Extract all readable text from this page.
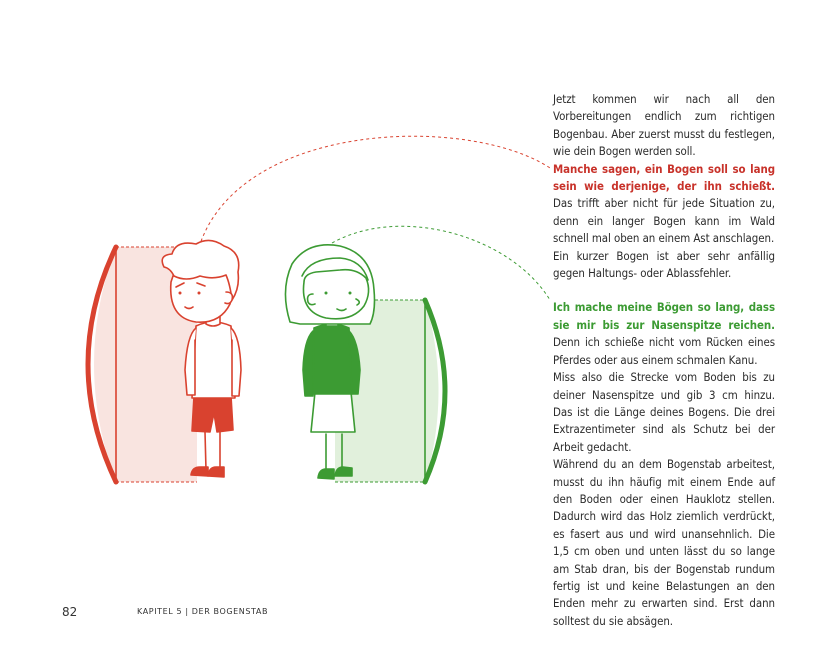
Jetzt kommen wir nach all den Vorbereitungen endlich zum richtigen Bogenbau. Aber zuerst musst du festlegen, wie dein Bogen werden soll.

Manche sagen, ein Bogen soll so lang sein wie derjenige, der ihn schießt. Das trifft aber nicht für jede Situation zu, denn ein langer Bogen kann im Wald schnell mal oben an einem Ast anschlagen.

Ein kurzer Bogen ist aber sehr anfällig gegen Haltungs- oder Ablassfehler.

Ich mache meine Bögen so lang, dass sie mir bis zur Nasenspitze reichen. Denn ich schieße nicht vom Rücken eines Pferdes oder aus einem schmalen Kanu.

Miss also die Strecke vom Boden bis zu deiner Nasenspitze und gib 3 cm hinzu. Das ist die Länge deines Bogens. Die drei Extrazentimeter sind als Schutz bei der Arbeit gedacht.

Während du an dem Bogenstab arbeitest, musst du ihn häufig mit einem Ende auf den Boden oder einen Hauklotz stellen. Dadurch wird das Holz ziemlich verdrückt, es fasert aus und wird unansehnlich. Die 1,5 cm oben und unten lässt du so lange am Stab dran, bis der Bogenstab rundum fertig ist und keine Belastungen an den Enden mehr zu erwarten sind. Erst dann solltest du sie absägen.

82	KAPITEL 5 | DER BOGENSTAB
